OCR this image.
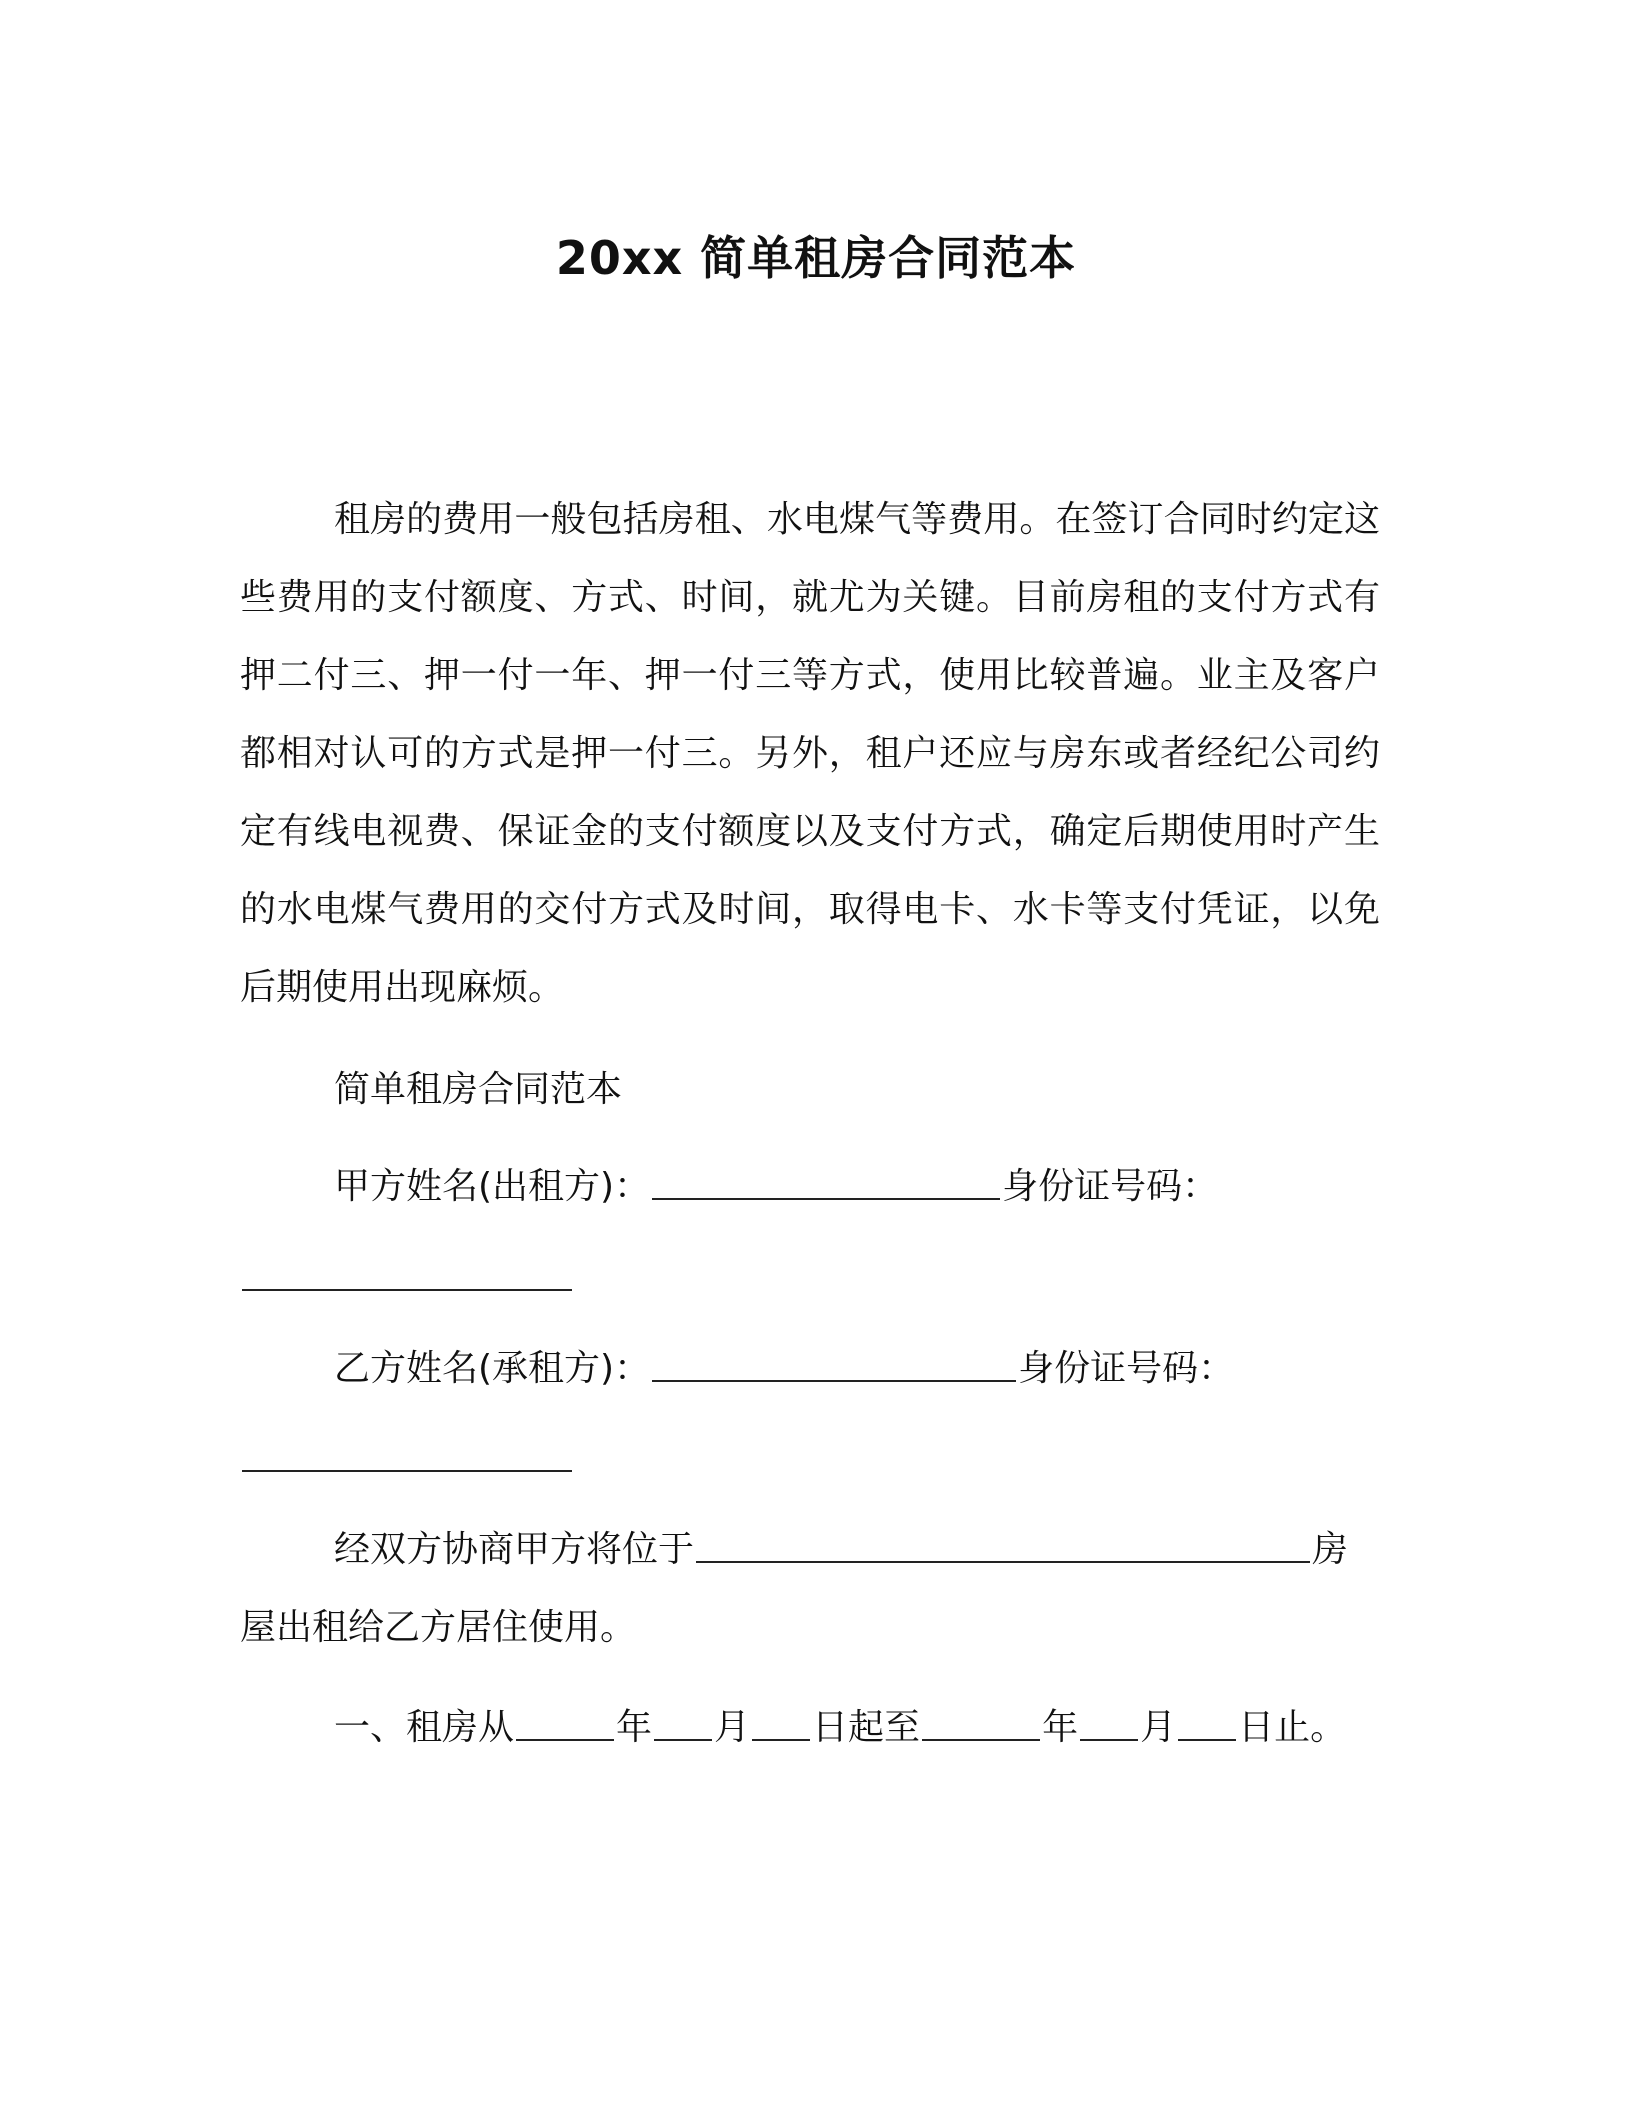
20xx 简单租房合同范本

租房的费用一般包括房租、水电煤气等费用。在签订合同时约定这些费用的支付额度、方式、时间，就尤为关键。目前房租的支付方式有押二付三、押一付一年、押一付三等方式，使用比较普遍。业主及客户都相对认可的方式是押一付三。另外，租户还应与房东或者经纪公司约定有线电视费、保证金的支付额度以及支付方式，确定后期使用时产生的水电煤气费用的交付方式及时间，取得电卡、水卡等支付凭证，以免后期使用出现麻烦。

简单租房合同范本
甲方姓名(出租方)：	身份证号码：
乙方姓名(承租方)：	身份证号码：
经双方协商甲方将位于	房
屋出租给乙方居住使用。
一、租房从	年 月 日起至	年 月 日止。
